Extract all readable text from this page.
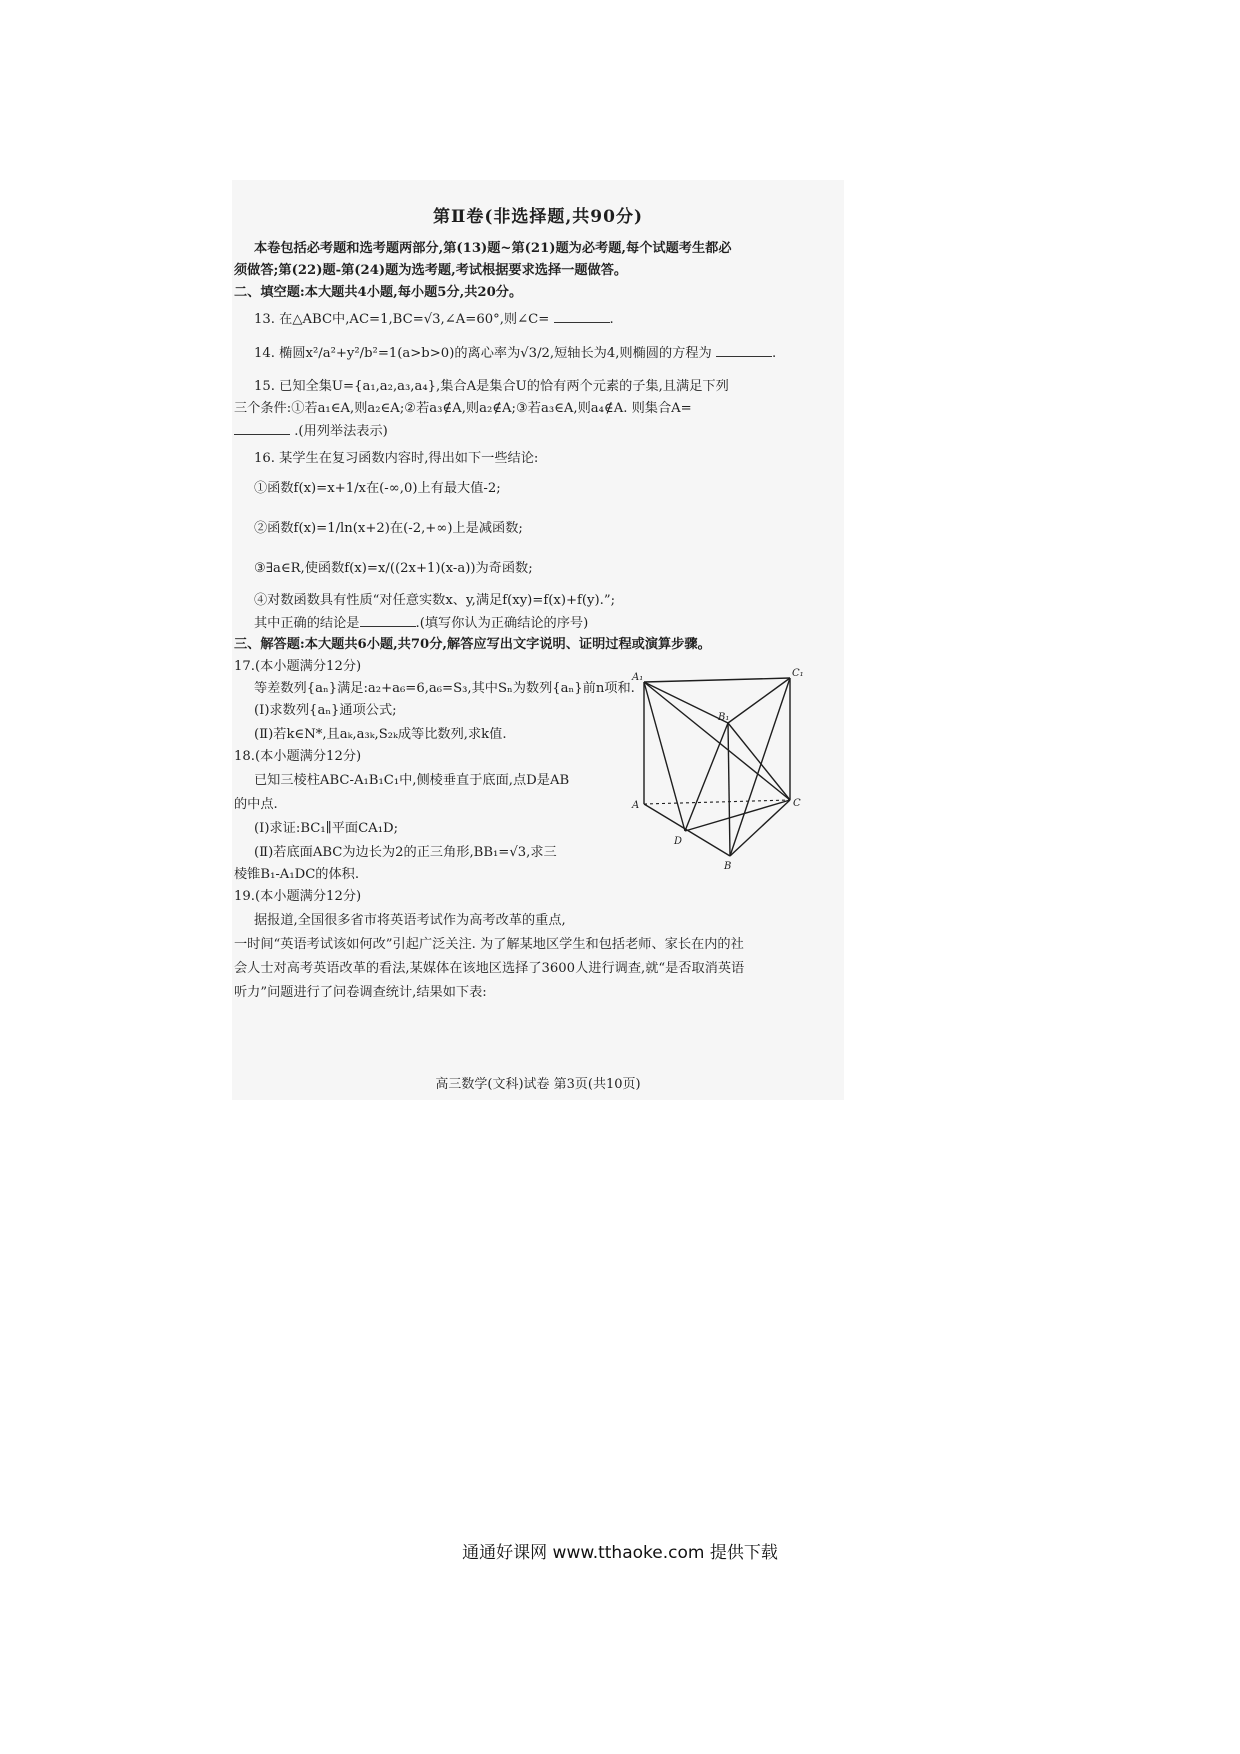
第Ⅱ卷(非选择题,共90分)
本卷包括必考题和选考题两部分,第(13)题~第(21)题为必考题,每个试题考生都必
须做答;第(22)题-第(24)题为选考题,考试根据要求选择一题做答。
二、填空题:本大题共4小题,每小题5分,共20分。
13. 在△ABC中,AC=1,BC=√3,∠A=60°,则∠C=	.
14. 椭圆x²/a²+y²/b²=1(a>b>0)的离心率为√3/2,短轴长为4,则椭圆的方程为	.
15. 已知全集U={a₁,a₂,a₃,a₄},集合A是集合U的恰有两个元素的子集,且满足下列
三个条件:①若a₁∈A,则a₂∈A;②若a₃∉A,则a₂∉A;③若a₃∈A,则a₄∉A. 则集合A=
.(用列举法表示)
16. 某学生在复习函数内容时,得出如下一些结论:
①函数f(x)=x+1/x在(-∞,0)上有最大值-2;
②函数f(x)=1/ln(x+2)在(-2,+∞)上是减函数;
③∃a∈R,使函数f(x)=x/((2x+1)(x-a))为奇函数;
④对数函数具有性质“对任意实数x、y,满足f(xy)=f(x)+f(y).”;
其中正确的结论是	.(填写你认为正确结论的序号)
三、解答题:本大题共6小题,共70分,解答应写出文字说明、证明过程或演算步骤。
17.(本小题满分12分)
等差数列{aₙ}满足:a₂+a₆=6,a₆=S₃,其中Sₙ为数列{aₙ}前n项和.
(Ⅰ)求数列{aₙ}通项公式;
(Ⅱ)若k∈N*,且aₖ,a₃ₖ,S₂ₖ成等比数列,求k值.
18.(本小题满分12分)
已知三棱柱ABC-A₁B₁C₁中,侧棱垂直于底面,点D是AB
的中点.
(Ⅰ)求证:BC₁∥平面CA₁D;
(Ⅱ)若底面ABC为边长为2的正三角形,BB₁=√3,求三
棱锥B₁-A₁DC的体积.
19.(本小题满分12分)
据报道,全国很多省市将英语考试作为高考改革的重点,
一时间“英语考试该如何改”引起广泛关注. 为了解某地区学生和包括老师、家长在内的社
会人士对高考英语改革的看法,某媒体在该地区选择了3600人进行调查,就“是否取消英语
听力”问题进行了问卷调查统计,结果如下表:
A₁	C₁
B₁
A	C
D
B
高三数学(文科)试卷 第3页(共10页)
通通好课网 www.tthaoke.com 提供下载
